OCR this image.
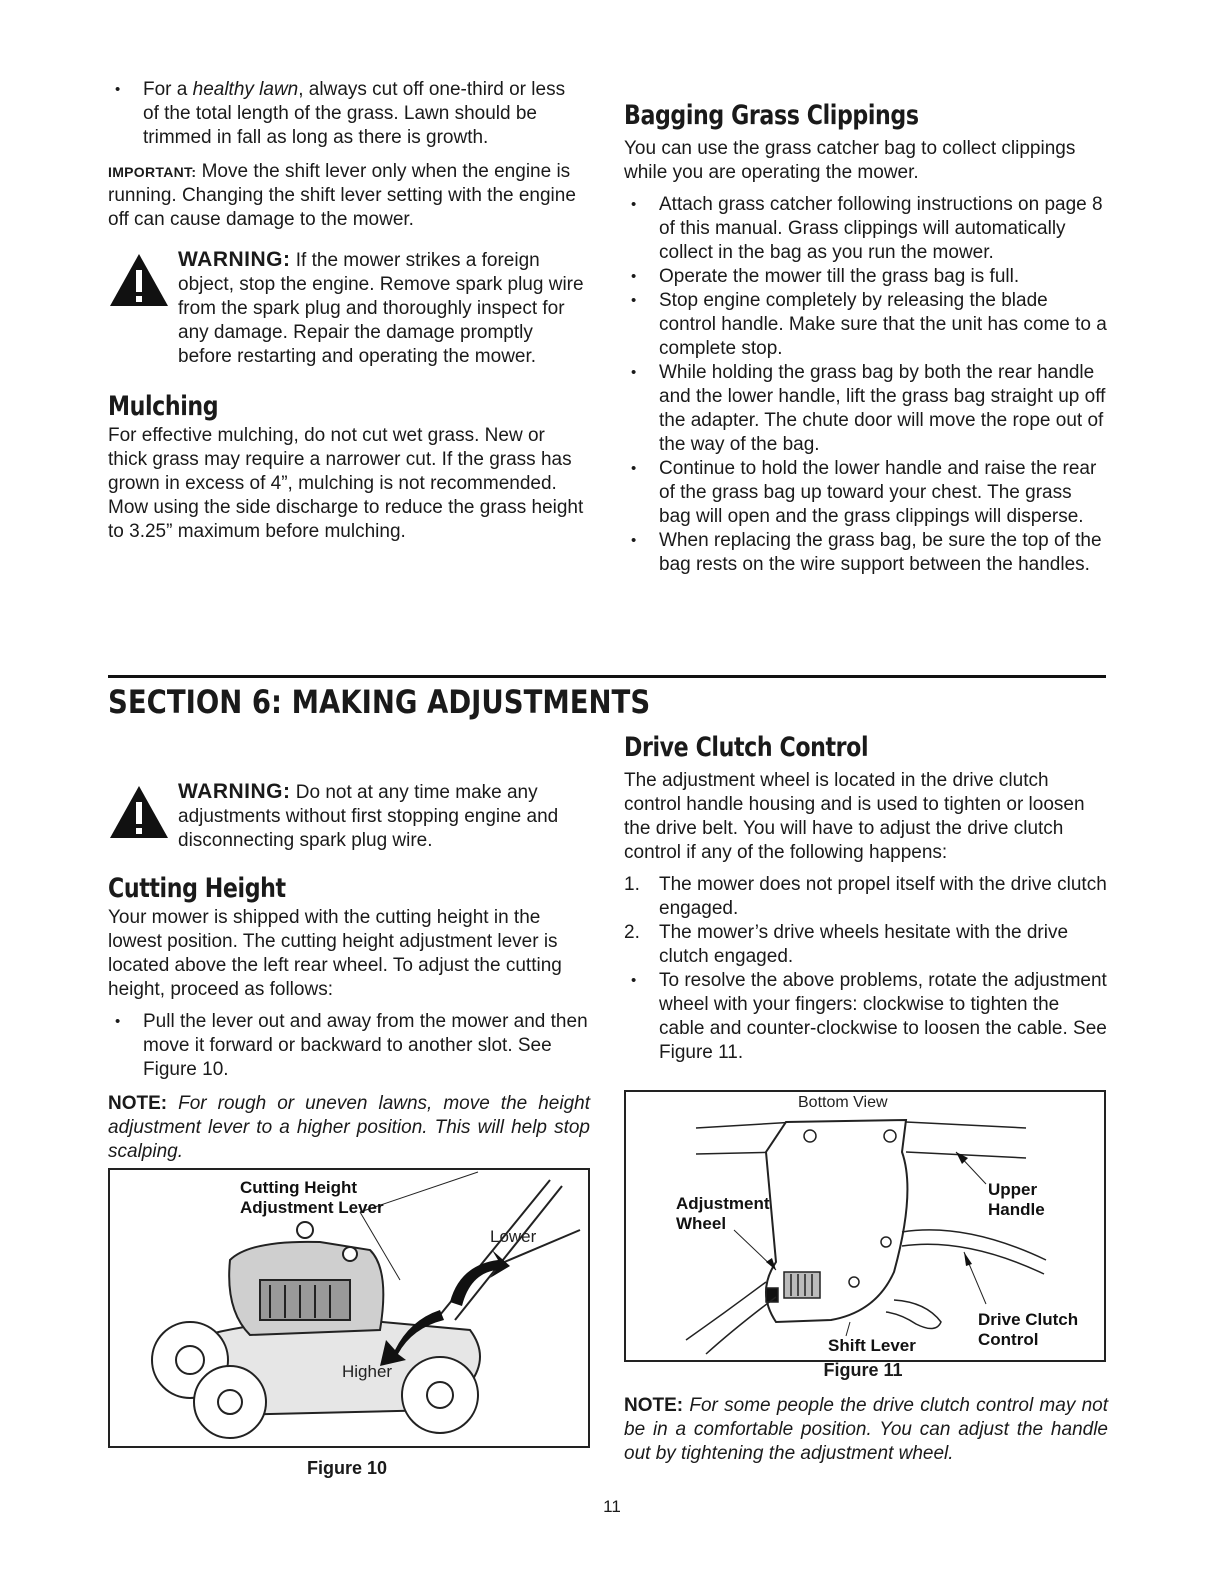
• For a healthy lawn, always cut off one-third or less of the total length of the grass. Lawn should be trimmed in fall as long as there is growth.

IMPORTANT: Move the shift lever only when the engine is running. Changing the shift lever setting with the engine off can cause damage to the mower.

WARNING: If the mower strikes a foreign object, stop the engine. Remove spark plug wire from the spark plug and thoroughly inspect for any damage. Repair the damage promptly before restarting and operating the mower.
Mulching

For effective mulching, do not cut wet grass. New or thick grass may require a narrower cut. If the grass has grown in excess of 4”, mulching is not recommended. Mow using the side discharge to reduce the grass height to 3.25” maximum before mulching.

Bagging Grass Clippings

You can use the grass catcher bag to collect clippings while you are operating the mower.

• Attach grass catcher following instructions on page 8 of this manual. Grass clippings will automatically collect in the bag as you run the mower.
• Operate the mower till the grass bag is full.
• Stop engine completely by releasing the blade control handle. Make sure that the unit has come to a complete stop.
• While holding the grass bag by both the rear handle and the lower handle, lift the grass bag straight up off the adapter. The chute door will move the rope out of the way of the bag.
• Continue to hold the lower handle and raise the rear of the grass bag up toward your chest. The grass bag will open and the grass clippings will disperse.
• When replacing the grass bag, be sure the top of the bag rests on the wire support between the handles.
SECTION 6: MAKING ADJUSTMENTS
WARNING: Do not at any time make any adjustments without first stopping engine and disconnecting spark plug wire.
Cutting Height

Your mower is shipped with the cutting height in the lowest position. The cutting height adjustment lever is located above the left rear wheel. To adjust the cutting height, proceed as follows:

• Pull the lever out and away from the mower and then move it forward or backward to another slot. See Figure 10.

NOTE: For rough or uneven lawns, move the height adjustment lever to a higher position. This will help stop scalping.

Cutting Height
Adjustment Lever
Lower
Higher
Figure 10
Drive Clutch Control

The adjustment wheel is located in the drive clutch control handle housing and is used to tighten or loosen the drive belt. You will have to adjust the drive clutch control if any of the following happens:

1. The mower does not propel itself with the drive clutch engaged.
2. The mower’s drive wheels hesitate with the drive clutch engaged.
• To resolve the above problems, rotate the adjustment wheel with your fingers: clockwise to tighten the cable and counter-clockwise to loosen the cable. See Figure 11.
Bottom View
Adjustment
Wheel
Upper
Handle
Drive Clutch
Control
Shift Lever
Figure 11

NOTE: For some people the drive clutch control may not be in a comfortable position. You can adjust the handle out by tightening the adjustment wheel.

11
